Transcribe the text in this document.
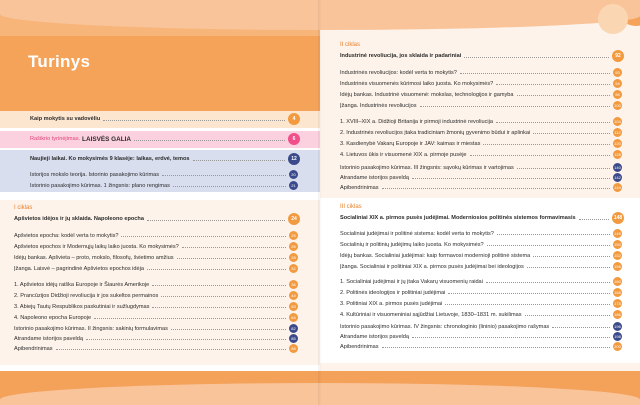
Turinys
Kaip mokytis su vadovėliu	4
Rašikrio tyrinėjimas. LAISVĖS GALIA	6
Naujieji laikai. Ko mokysimės 9 klasėje: laikas, erdvė, temos	12
Istorijos mokslo teorija. Istorinio pasakojimo kūrimas	20
Istorinio pasakojimo kūrimas. 1 žingsnis: plano rengimas	21
I ciklas
Apšvietos idėjos ir jų sklaida. Napoleono epocha	24
Apšvietos epocha: kodėl verta to mokytis?	25
Apšvietos epochos ir Modernųjų laikų laiko juosta. Ko mokysimės?	26
Idėjų bankas. Apšvieta – proto, mokslo, filosofų, švietimo amžius	28
Įžanga. Laisvė – pagrindinė Apšvietos epochos idėja	32
1. Apšvietos idėjų raiška Europoje ir Šiaurės Amerikoje	36
2. Prancūzijos Didžioji revoliucija ir jos sukeltos permainos	44
3. Abiejų Tautų Respublikos paskutiniai ir sužlugdymas	53
4. Napoleono epocha Europoje	64
Istorinio pasakojimo kūrimas. II žingsnis: sakinių formulavimas	82
Atrandame istorijos paveldą	85
Apibendrinimas	88
II ciklas
Industrinė revoliucija, jos sklaida ir padariniai	92
Industrinės revoliucijos: kodėl verta to mokytis?	93
Industrinės visuomenės kūrimosi laiko juosta. Ko mokysimės?	94
Idėjų bankas. Industrinė visuomenė: mokslas, technologijos ir gamyba	96
Įžanga. Industrinės revoliucijos	100
1. XVIII–XIX a. Didžioji Britanija ir pirmoji industrinė revoliucija	104
2. Industrinės revoliucijos įtaka tradiciniam žmonių gyvenimo būdui ir aplinkai	112
3. Kasdienybė Vakarų Europoje ir JAV: kaimas ir miestas	120
4. Lietuvos ūkis ir visuomenė XIX a. pirmoje pusėje	128
Istorinio pasakojimo kūrimas. III žingsnis: sąvokų kūrimas ir vartojimas	140
Atrandame istorijos paveldą	142
Apibendrinimas	144
III ciklas
Socialiniai XIX a. pirmos pusės judėjimai. Moderniosios politinės sistemos formavimasis	148
Socialiniai judėjimai ir politinė sistema: kodėl verta to mokytis?	149
Socialinių ir politinių judėjimų laiko juosta. Ko mokysimės?	150
Idėjų bankas. Socialiniai judėjimai: kaip formavosi modernioji politinė sistema	152
Įžanga. Socialiniai ir politiniai XIX a. pirmos pusės judėjimai bei ideologijos	156
1. Socialiniai judėjimai ir jų įtaka Vakarų visuomenių raidai	160
2. Politinės ideologijos ir politiniai judėjimai	168
3. Politiniai XIX a. pirmos pusės judėjimai	178
4. Kultūriniai ir visuomeniniai sąjūdžiai Lietuvoje, 1830–1831 m. sukilimas	186
Istorinio pasakojimo kūrimas. IV žingsnis: chronologinio (lininio) pasakojimo rašymas	196
Atrandame istorijos paveldą	198
Apibendrinimas	200
